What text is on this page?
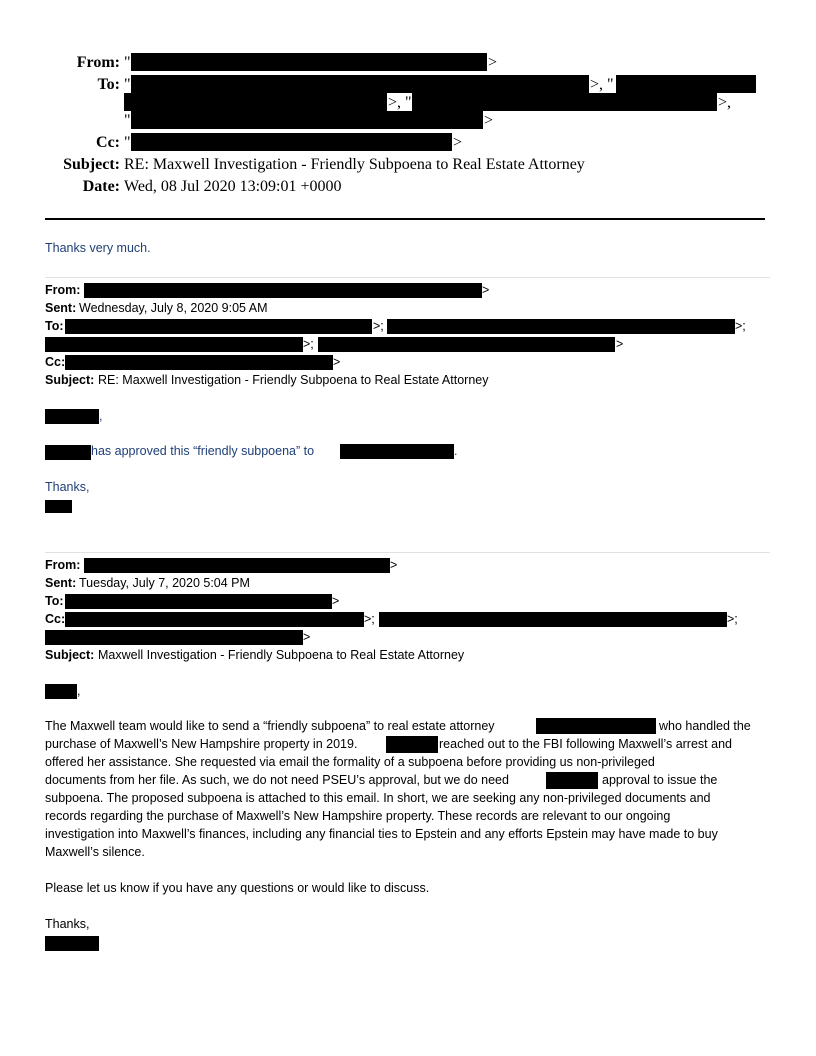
From: "	>
To: "	>, "
>, "	>,
"	>
Cc: "	>
Subject: RE: Maxwell Investigation - Friendly Subpoena to Real Estate Attorney
Date: Wed, 08 Jul 2020 13:09:01 +0000
Thanks very much.
From:	>
Sent: Wednesday, July 8, 2020 9:05 AM
To:	>;	>;
>;	>
Cc:	>
Subject: RE: Maxwell Investigation - Friendly Subpoena to Real Estate Attorney
,
has approved this “friendly subpoena” to	.
Thanks,
From:	>
Sent: Tuesday, July 7, 2020 5:04 PM
To:	>
Cc:	>;	>;
>
Subject: Maxwell Investigation - Friendly Subpoena to Real Estate Attorney
,
The Maxwell team would like to send a “friendly subpoena” to real estate attorney	who handled the
purchase of Maxwell’s New Hampshire property in 2019.	reached out to the FBI following Maxwell’s arrest and
offered her assistance. She requested via email the formality of a subpoena before providing us non-privileged
documents from her file. As such, we do not need PSEU’s approval, but we do need	approval to issue the
subpoena. The proposed subpoena is attached to this email. In short, we are seeking any non-privileged documents and
records regarding the purchase of Maxwell’s New Hampshire property. These records are relevant to our ongoing
investigation into Maxwell’s finances, including any financial ties to Epstein and any efforts Epstein may have made to buy
Maxwell’s silence.
Please let us know if you have any questions or would like to discuss.
Thanks,
